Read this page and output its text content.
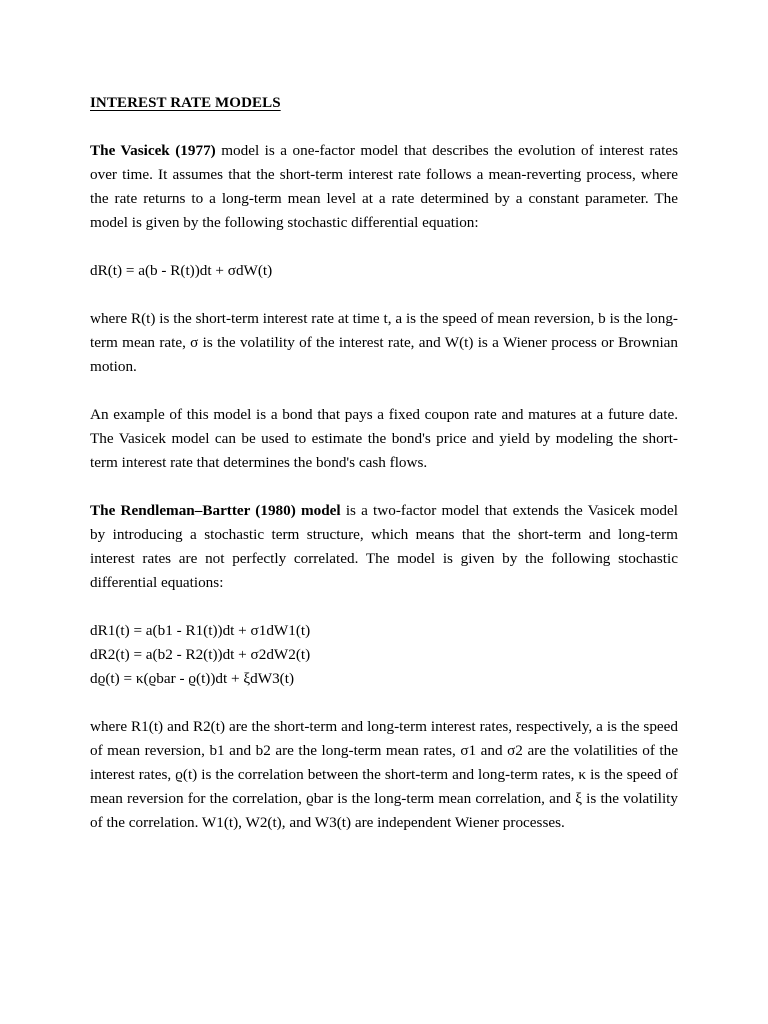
INTEREST RATE MODELS

The Vasicek (1977) model is a one-factor model that describes the evolution of interest rates over time. It assumes that the short-term interest rate follows a mean-reverting process, where the rate returns to a long-term mean level at a rate determined by a constant parameter. The model is given by the following stochastic differential equation:

dR(t) = a(b - R(t))dt + σdW(t)

where R(t) is the short-term interest rate at time t, a is the speed of mean reversion, b is the long-term mean rate, σ is the volatility of the interest rate, and W(t) is a Wiener process or Brownian motion.

An example of this model is a bond that pays a fixed coupon rate and matures at a future date. The Vasicek model can be used to estimate the bond's price and yield by modeling the short-term interest rate that determines the bond's cash flows.

The Rendleman–Bartter (1980) model is a two-factor model that extends the Vasicek model by introducing a stochastic term structure, which means that the short-term and long-term interest rates are not perfectly correlated. The model is given by the following stochastic differential equations:

dR1(t) = a(b1 - R1(t))dt + σ1dW1(t)

dR2(t) = a(b2 - R2(t))dt + σ2dW2(t)

dϱ(t) = κ(ϱbar - ϱ(t))dt + ξdW3(t)

where R1(t) and R2(t) are the short-term and long-term interest rates, respectively, a is the speed of mean reversion, b1 and b2 are the long-term mean rates, σ1 and σ2 are the volatilities of the interest rates, ϱ(t) is the correlation between the short-term and long-term rates, κ is the speed of mean reversion for the correlation, ϱbar is the long-term mean correlation, and ξ is the volatility of the correlation. W1(t), W2(t), and W3(t) are independent Wiener processes.
